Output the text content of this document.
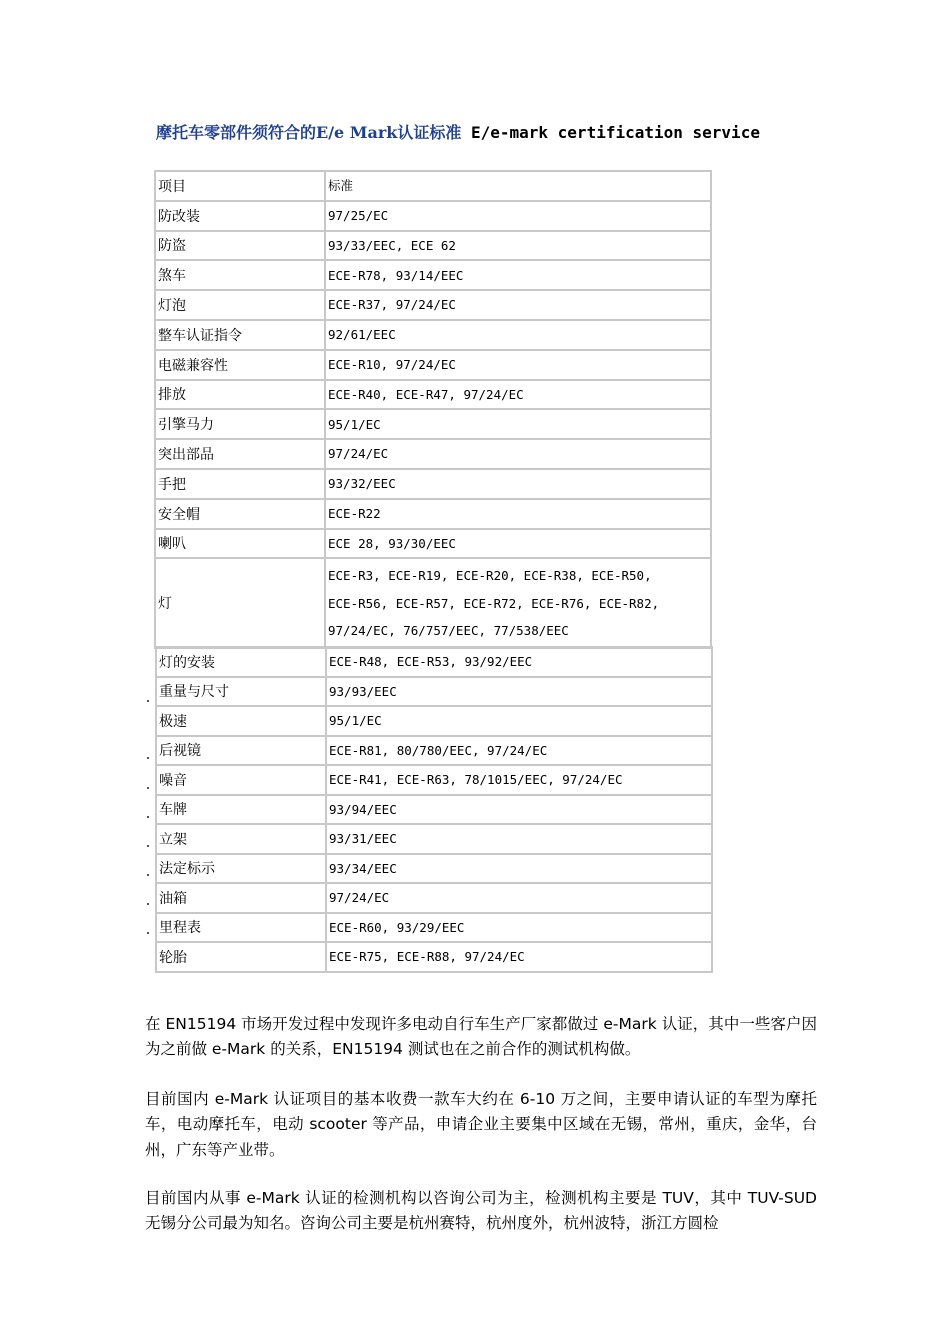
摩托车零部件须符合的E/e Mark认证标准 E/e-mark certification service
项目	标准
防改装	97/25/EC
防盗	93/33/EEC, ECE 62
煞车	ECE-R78, 93/14/EEC
灯泡	ECE-R37, 97/24/EC
整车认证指令	92/61/EEC
电磁兼容性	ECE-R10, 97/24/EC
排放	ECE-R40, ECE-R47, 97/24/EC
引擎马力	95/1/EC
突出部品	97/24/EC
手把	93/32/EEC
安全帽	ECE-R22
喇叭	ECE 28, 93/30/EEC
灯	ECE-R3, ECE-R19, ECE-R20, ECE-R38, ECE-R50,
ECE-R56, ECE-R57, ECE-R72, ECE-R76, ECE-R82,
97/24/EC, 76/757/EEC, 77/538/EEC
灯的安装	ECE-R48, ECE-R53, 93/92/EEC
重量与尺寸	93/93/EEC
极速	95/1/EC
后视镜	ECE-R81, 80/780/EEC, 97/24/EC
噪音	ECE-R41, ECE-R63, 78/1015/EEC, 97/24/EC
车牌	93/94/EEC
立架	93/31/EEC
法定标示	93/34/EEC
油箱	97/24/EC
里程表	ECE-R60, 93/29/EEC
轮胎	ECE-R75, ECE-R88, 97/24/EC

在 EN15194 市场开发过程中发现许多电动自行车生产厂家都做过 e-Mark 认证，其中一些客户因为之前做 e-Mark 的关系，EN15194 测试也在之前合作的测试机构做。

目前国内 e-Mark 认证项目的基本收费一款车大约在 6-10 万之间，主要申请认证的车型为摩托车，电动摩托车，电动 scooter 等产品，申请企业主要集中区域在无锡，常州，重庆，金华，台州，广东等产业带。

目前国内从事 e-Mark 认证的检测机构以咨询公司为主，检测机构主要是 TUV，其中 TUV-SUD 无锡分公司最为知名。咨询公司主要是杭州赛特，杭州度外，杭州波特，浙江方圆检
